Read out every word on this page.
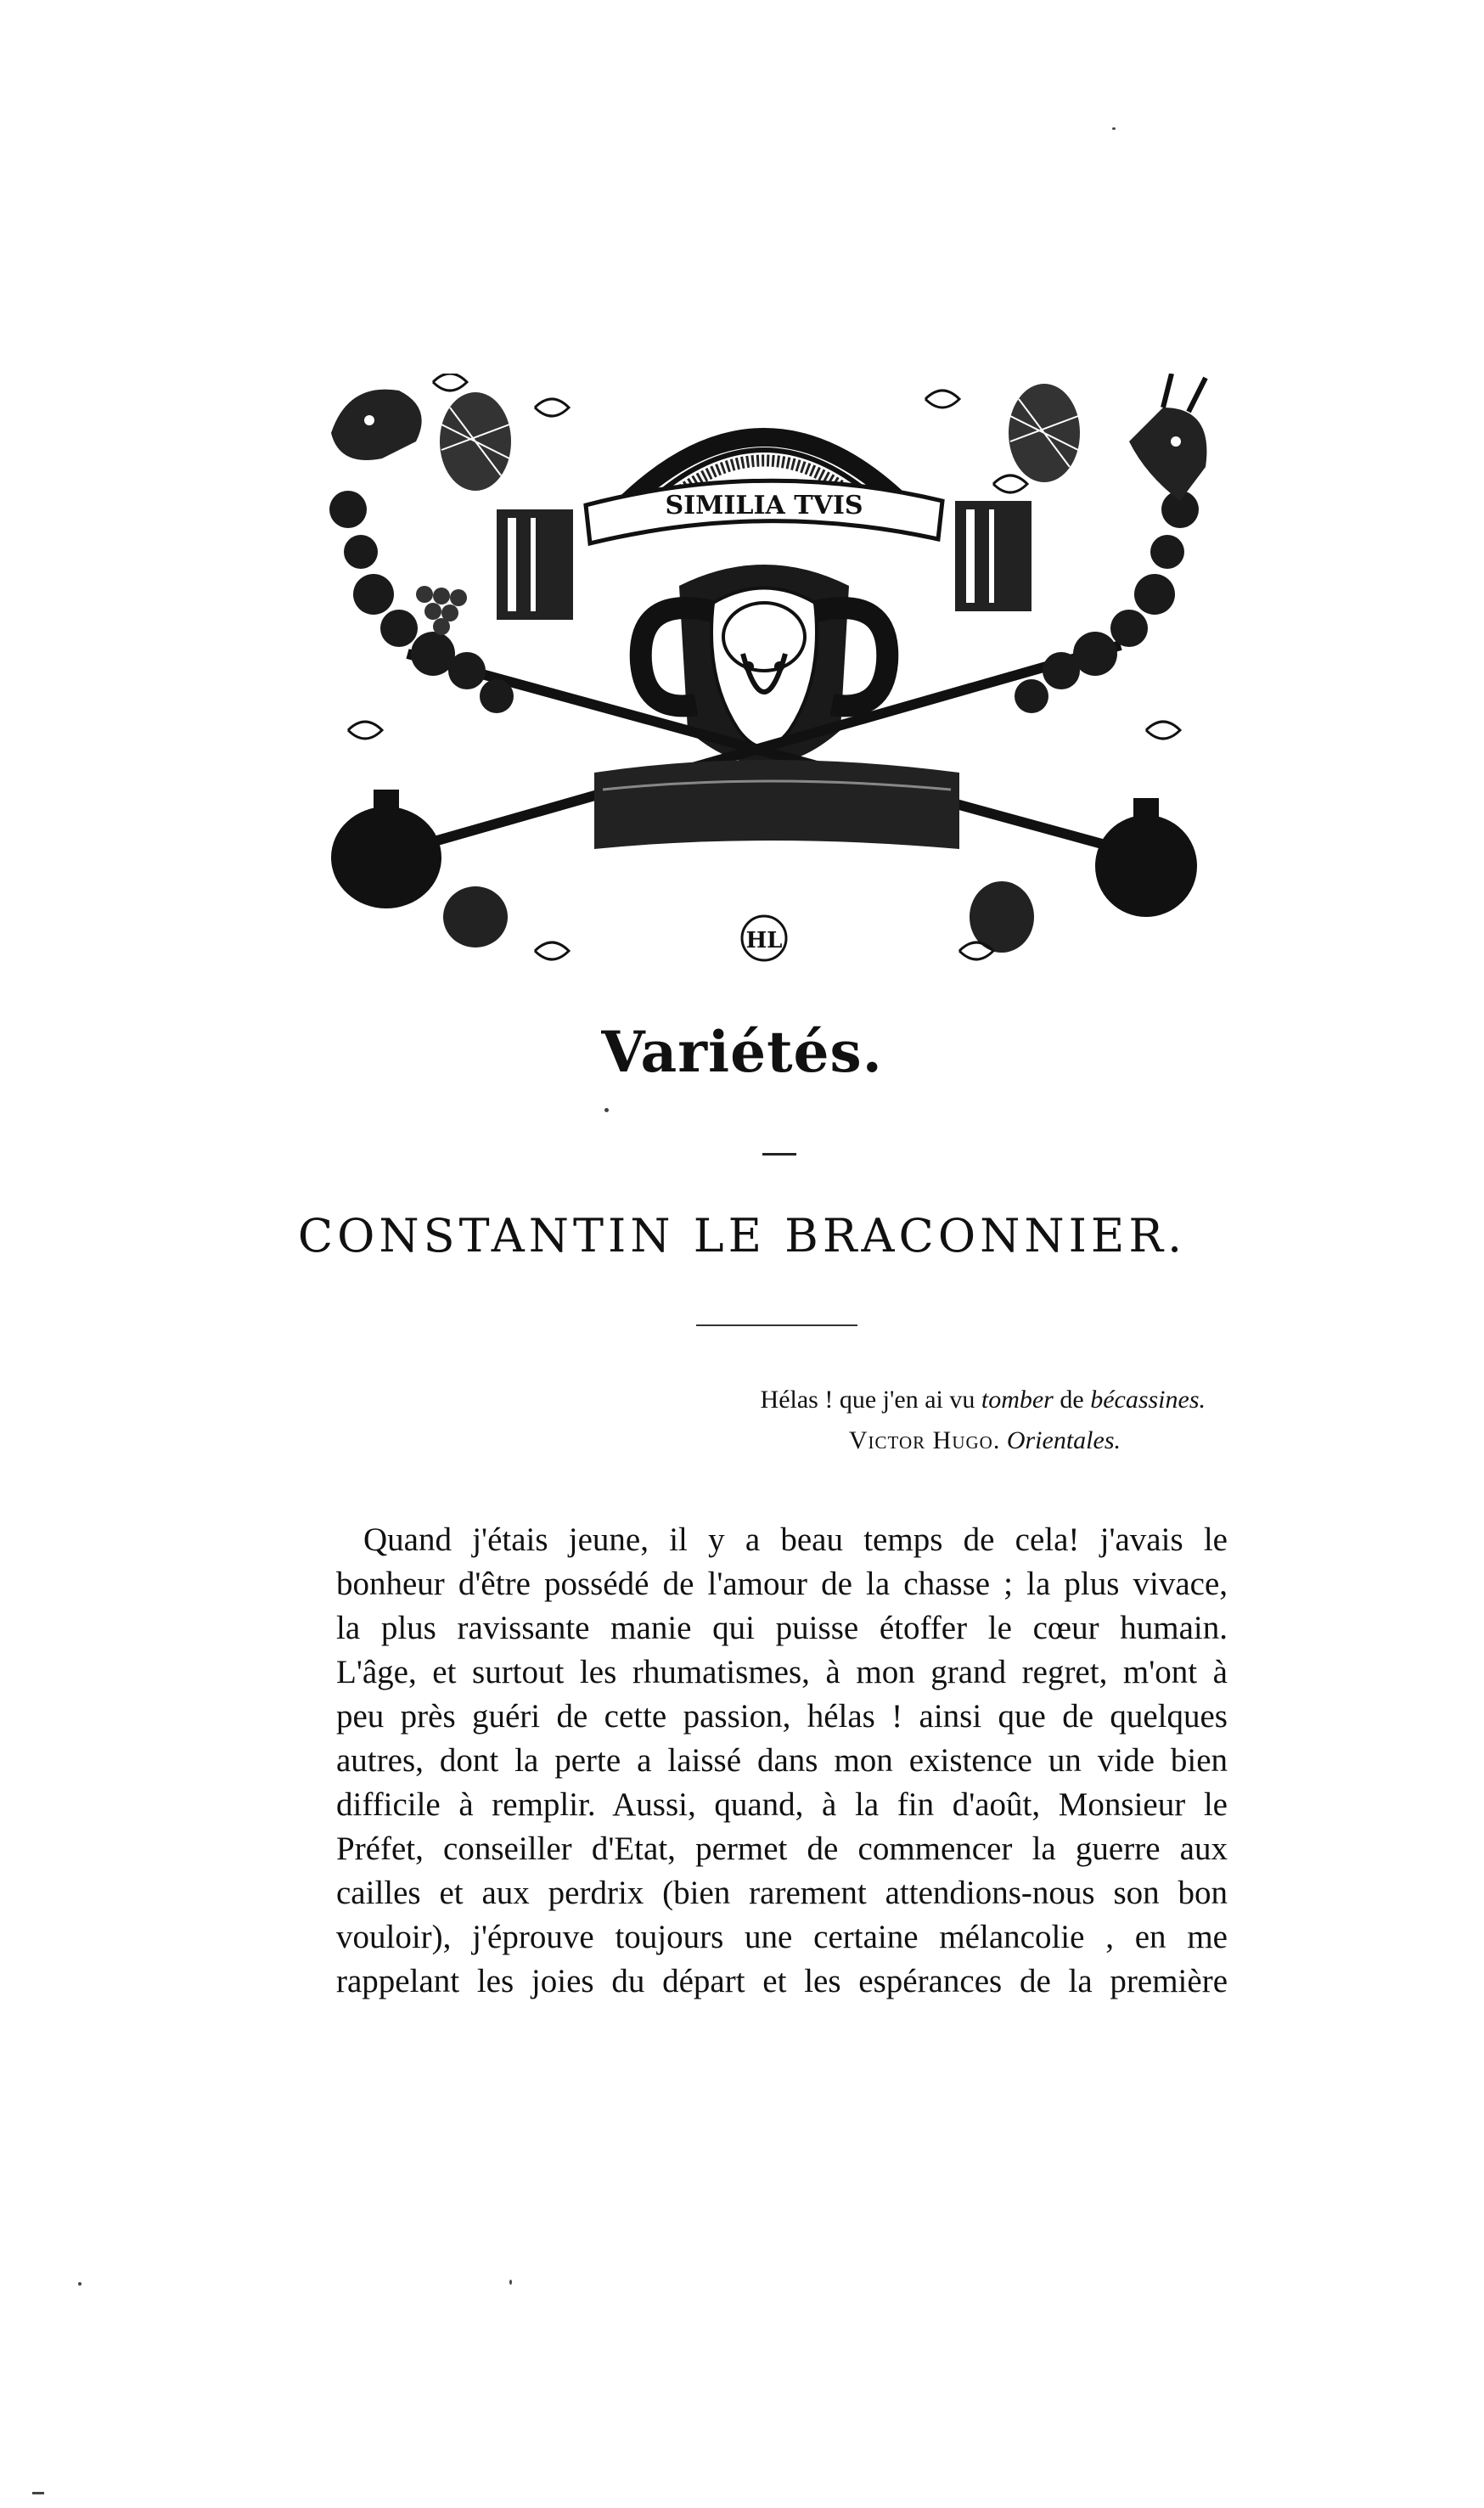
SIMILIA TVIS
HL
Variétés.
CONSTANTIN LE BRACONNIER.
Hélas ! que j'en ai vu tomber de bécassines.
Victor Hugo. Orientales.
Quand j'étais jeune, il y a beau temps de cela! j'avais le
bonheur d'être possédé de l'amour de la chasse ; la plus vivace,
la plus ravissante manie qui puisse étoffer le cœur humain.
L'âge, et surtout les rhumatismes, à mon grand regret, m'ont à
peu près guéri de cette passion, hélas ! ainsi que de quelques
autres, dont la perte a laissé dans mon existence un vide bien
difficile à remplir. Aussi, quand, à la fin d'août, Monsieur le
Préfet, conseiller d'Etat, permet de commencer la guerre aux
cailles et aux perdrix (bien rarement attendions-nous son bon
vouloir), j'éprouve toujours une certaine mélancolie , en me
rappelant les joies du départ et les espérances de la première
